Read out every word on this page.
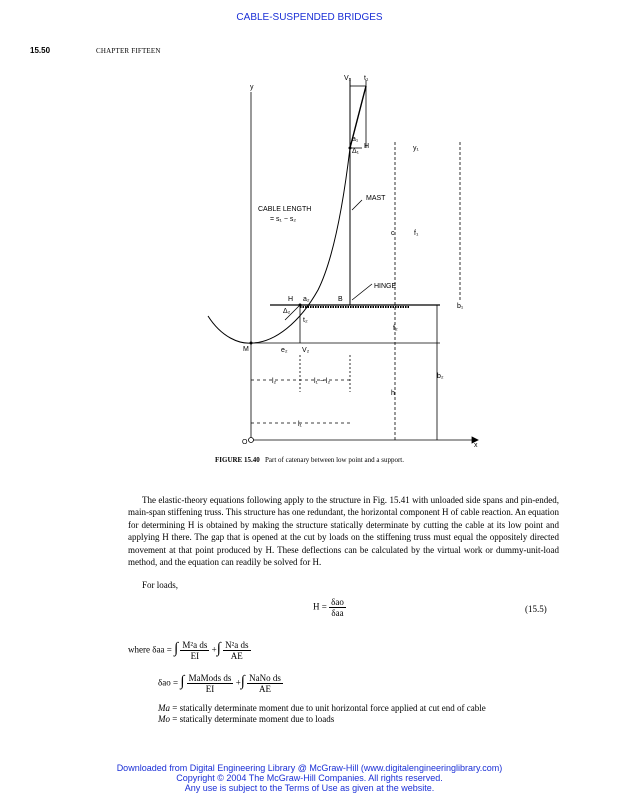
CABLE-SUSPENDED BRIDGES
15.50	CHAPTER FIFTEEN
y
x
O
CABLE LENGTH
= s₁ − s₂
MAST
HINGE
M
H	B
V₁
V₂
t₁
H
a₁
Δ₁
a₂
Δ₂
e₂
l₂	l₁ − l₂
l₁
c	f₁
f₂
b₁
b₂
h
y₁
t₂
FIGURE 15.40 Part of catenary between low point and a support.
The elastic-theory equations following apply to the structure in Fig. 15.41 with unloaded side spans and pin-ended, main-span stiffening truss. This structure has one redundant, the horizontal component H of cable reaction. An equation for determining H is obtained by making the structure statically determinate by cutting the cable at its low point and applying H there. The gap that is opened at the cut by loads on the stiffening truss must equal the oppositely directed movement at that point produced by H. These deflections can be calculated by the virtual work or dummy-unit-load method, and the equation can readily be solved for H.
For loads,
$H = \frac{\text{δao}}{\text{δaa}}$	(15.5)
where δaa = ∫ $\frac{\text{M²a ds}}{EI}$ +∫ $\frac{\text{N²a ds}}{AE}$
δao = ∫ $\frac{\text{MaMods ds}}{EI}$ +∫ $\frac{\text{NaNo ds}}{AE}$
Ma = statically determinate moment due to unit horizontal force applied at cut end of cable
Mo = statically determinate moment due to loads
Downloaded from Digital Engineering Library @ McGraw-Hill (www.digitalengineeringlibrary.com)
Copyright © 2004 The McGraw-Hill Companies. All rights reserved.
Any use is subject to the Terms of Use as given at the website.
